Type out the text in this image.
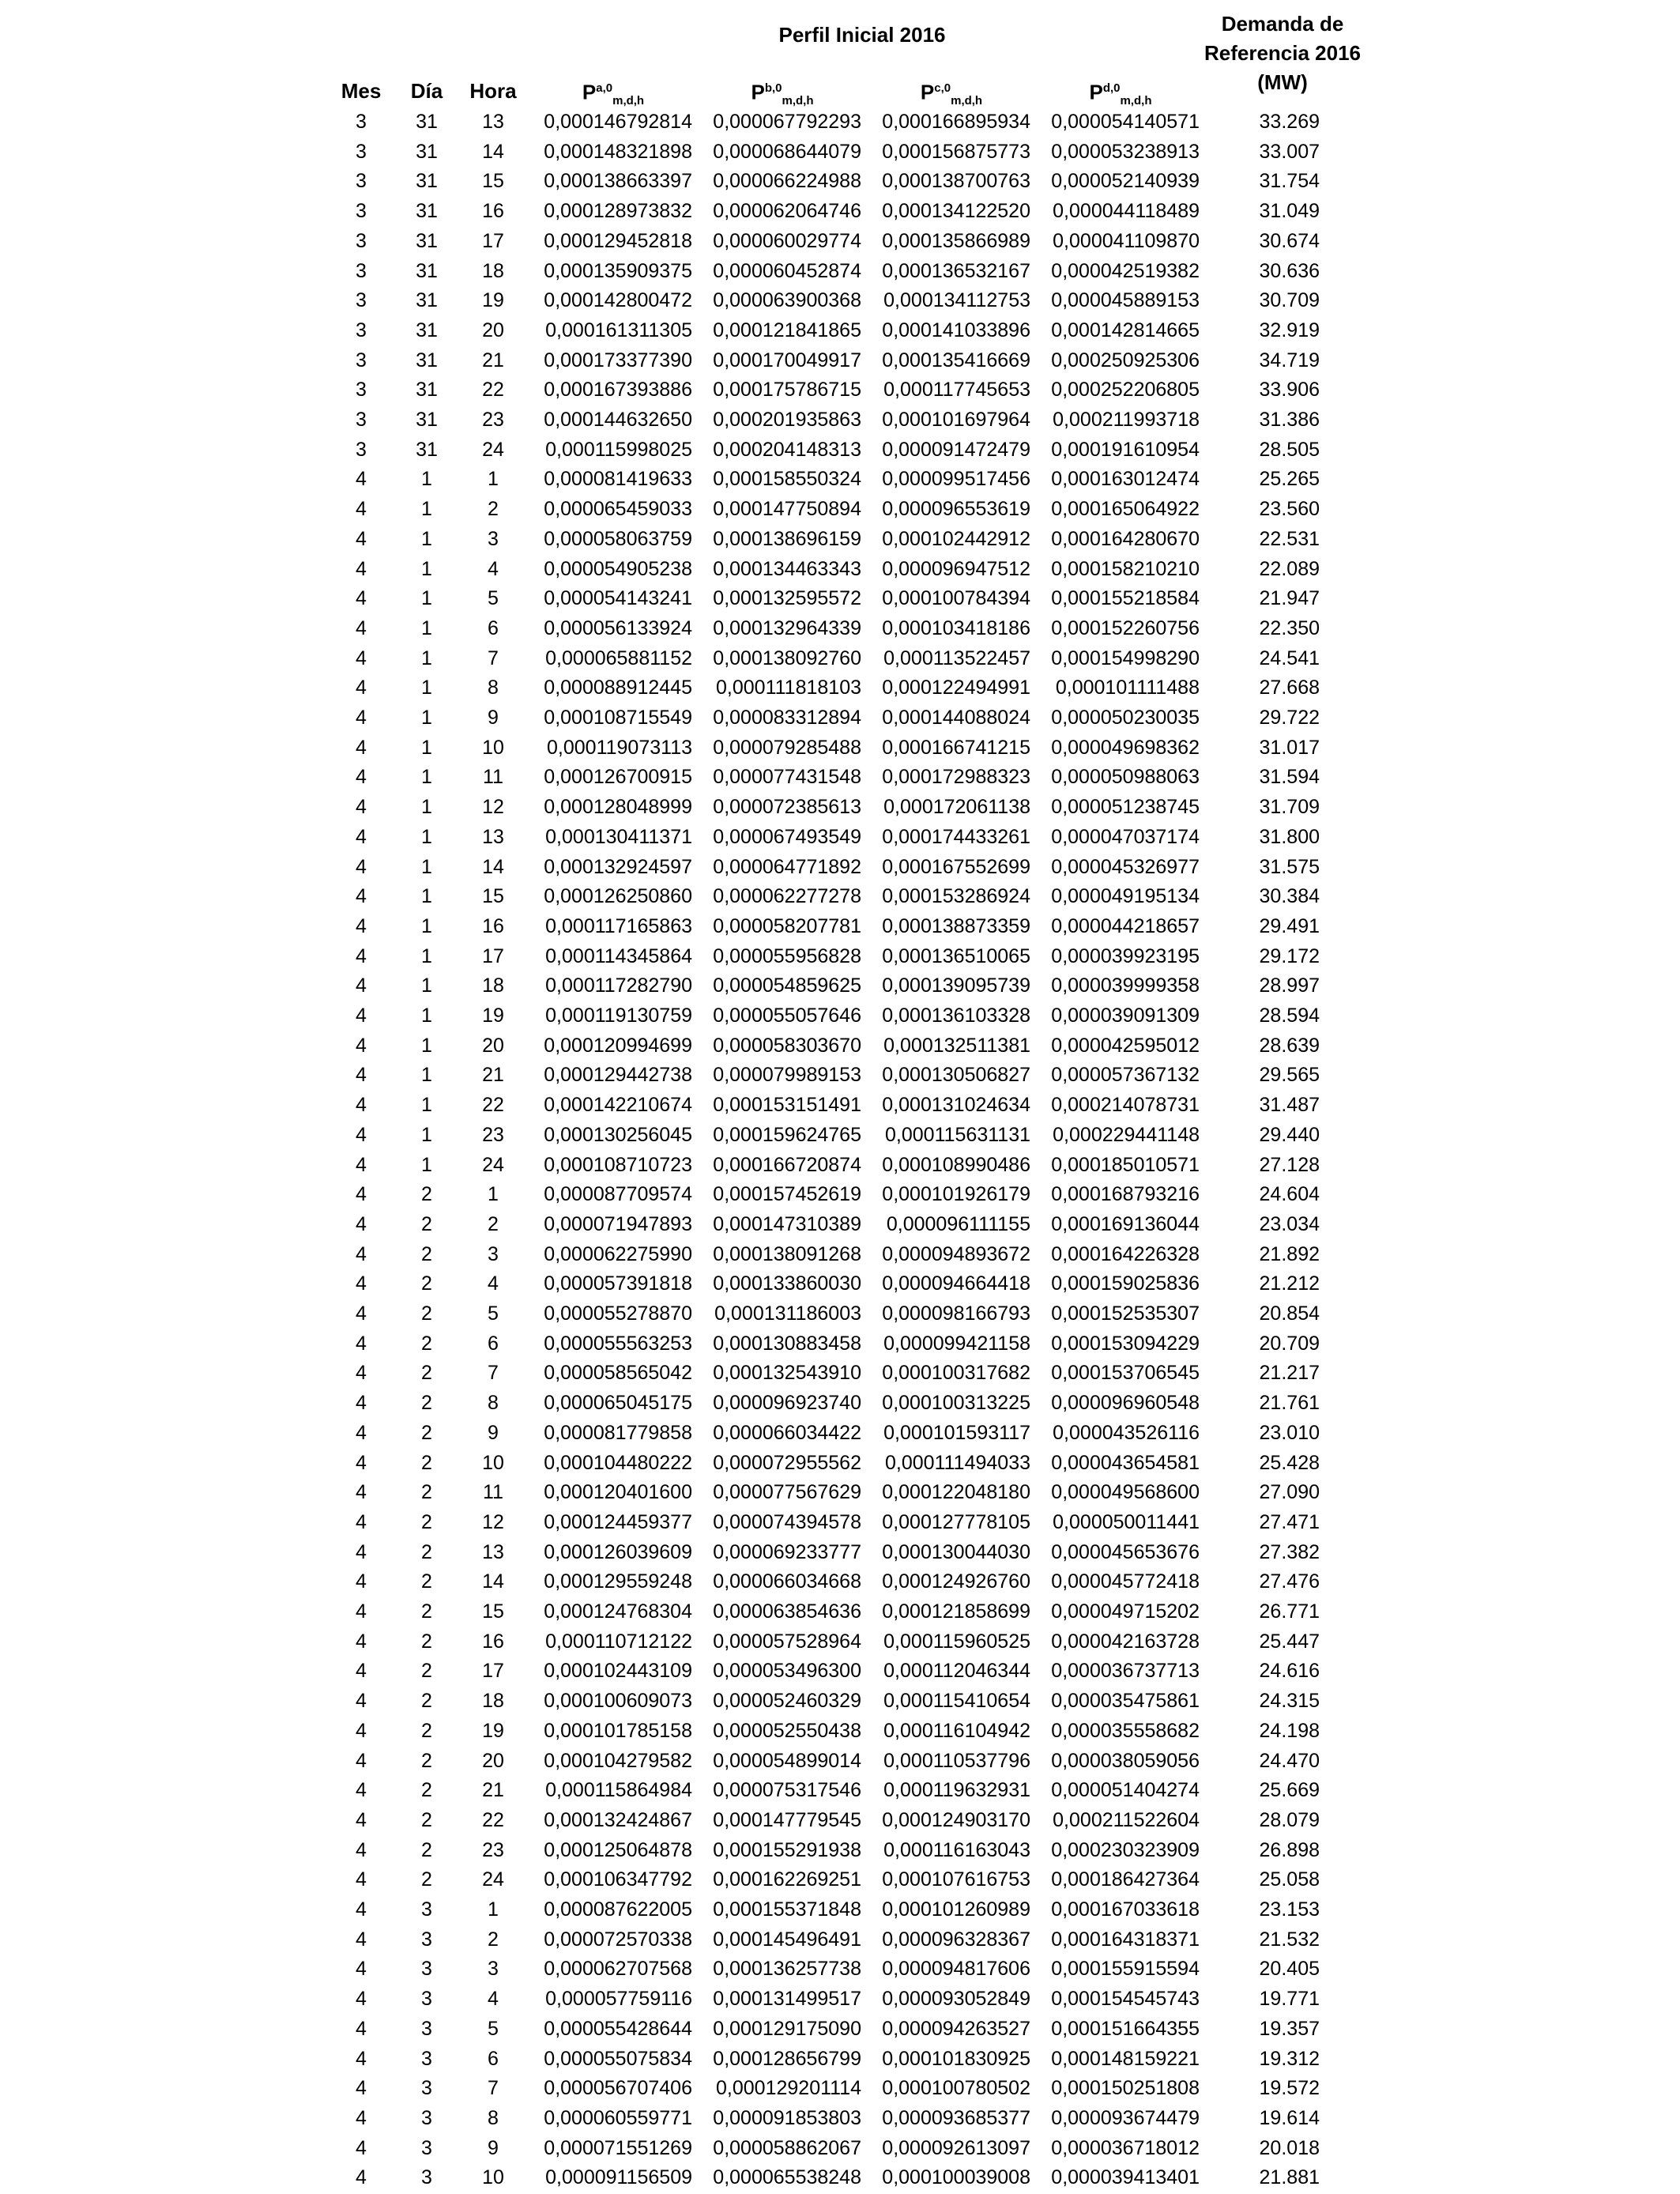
Perfil Inicial 2016	Demanda de
Referencia 2016
(MW)
Mes Día Hora	P$^{a,0}_{m,d,h}$	P$^{b,0}_{m,d,h}$	P$^{c,0}_{m,d,h}$	P$^{d,0}_{m,d,h}$
3 31 13	0,000146792814	0,000067792293	0,000166895934	0,000054140571	33.269
3 31 14	0,000148321898	0,000068644079	0,000156875773	0,000053238913	33.007
3 31 15	0,000138663397	0,000066224988	0,000138700763	0,000052140939	31.754
3 31 16	0,000128973832	0,000062064746	0,000134122520	0,000044118489	31.049
3 31 17	0,000129452818	0,000060029774	0,000135866989	0,000041109870	30.674
3 31 18	0,000135909375	0,000060452874	0,000136532167	0,000042519382	30.636
3 31 19	0,000142800472	0,000063900368	0,000134112753	0,000045889153	30.709
3 31 20	0,000161311305	0,000121841865	0,000141033896	0,000142814665	32.919
3 31 21	0,000173377390	0,000170049917	0,000135416669	0,000250925306	34.719
3 31 22	0,000167393886	0,000175786715	0,000117745653	0,000252206805	33.906
3 31 23	0,000144632650	0,000201935863	0,000101697964	0,000211993718	31.386
3 31 24	0,000115998025	0,000204148313	0,000091472479	0,000191610954	28.505
4	1	1	0,000081419633	0,000158550324	0,000099517456	0,000163012474	25.265
4	1	2	0,000065459033	0,000147750894	0,000096553619	0,000165064922	23.560
4	1	3	0,000058063759	0,000138696159	0,000102442912	0,000164280670	22.531
4	1	4	0,000054905238	0,000134463343	0,000096947512	0,000158210210	22.089
4	1	5	0,000054143241	0,000132595572	0,000100784394	0,000155218584	21.947
4	1	6	0,000056133924	0,000132964339	0,000103418186	0,000152260756	22.350
4	1	7	0,000065881152	0,000138092760	0,000113522457	0,000154998290	24.541
4	1	8	0,000088912445	0,000111818103	0,000122494991	0,000101111488	27.668
4	1	9	0,000108715549	0,000083312894	0,000144088024	0,000050230035	29.722
4	1	10	0,000119073113	0,000079285488	0,000166741215	0,000049698362	31.017
4	1	11	0,000126700915	0,000077431548	0,000172988323	0,000050988063	31.594
4	1	12	0,000128048999	0,000072385613	0,000172061138	0,000051238745	31.709
4	1	13	0,000130411371	0,000067493549	0,000174433261	0,000047037174	31.800
4	1	14	0,000132924597	0,000064771892	0,000167552699	0,000045326977	31.575
4	1	15	0,000126250860	0,000062277278	0,000153286924	0,000049195134	30.384
4	1	16	0,000117165863	0,000058207781	0,000138873359	0,000044218657	29.491
4	1	17	0,000114345864	0,000055956828	0,000136510065	0,000039923195	29.172
4	1	18	0,000117282790	0,000054859625	0,000139095739	0,000039999358	28.997
4	1	19	0,000119130759	0,000055057646	0,000136103328	0,000039091309	28.594
4	1	20	0,000120994699	0,000058303670	0,000132511381	0,000042595012	28.639
4	1	21	0,000129442738	0,000079989153	0,000130506827	0,000057367132	29.565
4	1	22	0,000142210674	0,000153151491	0,000131024634	0,000214078731	31.487
4	1	23	0,000130256045	0,000159624765	0,000115631131	0,000229441148	29.440
4	1	24	0,000108710723	0,000166720874	0,000108990486	0,000185010571	27.128
4	2	1	0,000087709574	0,000157452619	0,000101926179	0,000168793216	24.604
4	2	2	0,000071947893	0,000147310389	0,000096111155	0,000169136044	23.034
4	2	3	0,000062275990	0,000138091268	0,000094893672	0,000164226328	21.892
4	2	4	0,000057391818	0,000133860030	0,000094664418	0,000159025836	21.212
4	2	5	0,000055278870	0,000131186003	0,000098166793	0,000152535307	20.854
4	2	6	0,000055563253	0,000130883458	0,000099421158	0,000153094229	20.709
4	2	7	0,000058565042	0,000132543910	0,000100317682	0,000153706545	21.217
4	2	8	0,000065045175	0,000096923740	0,000100313225	0,000096960548	21.761
4	2	9	0,000081779858	0,000066034422	0,000101593117	0,000043526116	23.010
4	2	10	0,000104480222	0,000072955562	0,000111494033	0,000043654581	25.428
4	2	11	0,000120401600	0,000077567629	0,000122048180	0,000049568600	27.090
4	2	12	0,000124459377	0,000074394578	0,000127778105	0,000050011441	27.471
4	2	13	0,000126039609	0,000069233777	0,000130044030	0,000045653676	27.382
4	2	14	0,000129559248	0,000066034668	0,000124926760	0,000045772418	27.476
4	2	15	0,000124768304	0,000063854636	0,000121858699	0,000049715202	26.771
4	2	16	0,000110712122	0,000057528964	0,000115960525	0,000042163728	25.447
4	2	17	0,000102443109	0,000053496300	0,000112046344	0,000036737713	24.616
4	2	18	0,000100609073	0,000052460329	0,000115410654	0,000035475861	24.315
4	2	19	0,000101785158	0,000052550438	0,000116104942	0,000035558682	24.198
4	2	20	0,000104279582	0,000054899014	0,000110537796	0,000038059056	24.470
4	2	21	0,000115864984	0,000075317546	0,000119632931	0,000051404274	25.669
4	2	22	0,000132424867	0,000147779545	0,000124903170	0,000211522604	28.079
4	2	23	0,000125064878	0,000155291938	0,000116163043	0,000230323909	26.898
4	2	24	0,000106347792	0,000162269251	0,000107616753	0,000186427364	25.058
4	3	1	0,000087622005	0,000155371848	0,000101260989	0,000167033618	23.153
4	3	2	0,000072570338	0,000145496491	0,000096328367	0,000164318371	21.532
4	3	3	0,000062707568	0,000136257738	0,000094817606	0,000155915594	20.405
4	3	4	0,000057759116	0,000131499517	0,000093052849	0,000154545743	19.771
4	3	5	0,000055428644	0,000129175090	0,000094263527	0,000151664355	19.357
4	3	6	0,000055075834	0,000128656799	0,000101830925	0,000148159221	19.312
4	3	7	0,000056707406	0,000129201114	0,000100780502	0,000150251808	19.572
4	3	8	0,000060559771	0,000091853803	0,000093685377	0,000093674479	19.614
4	3	9	0,000071551269	0,000058862067	0,000092613097	0,000036718012	20.018
4	3	10	0,000091156509	0,000065538248	0,000100039008	0,000039413401	21.881
